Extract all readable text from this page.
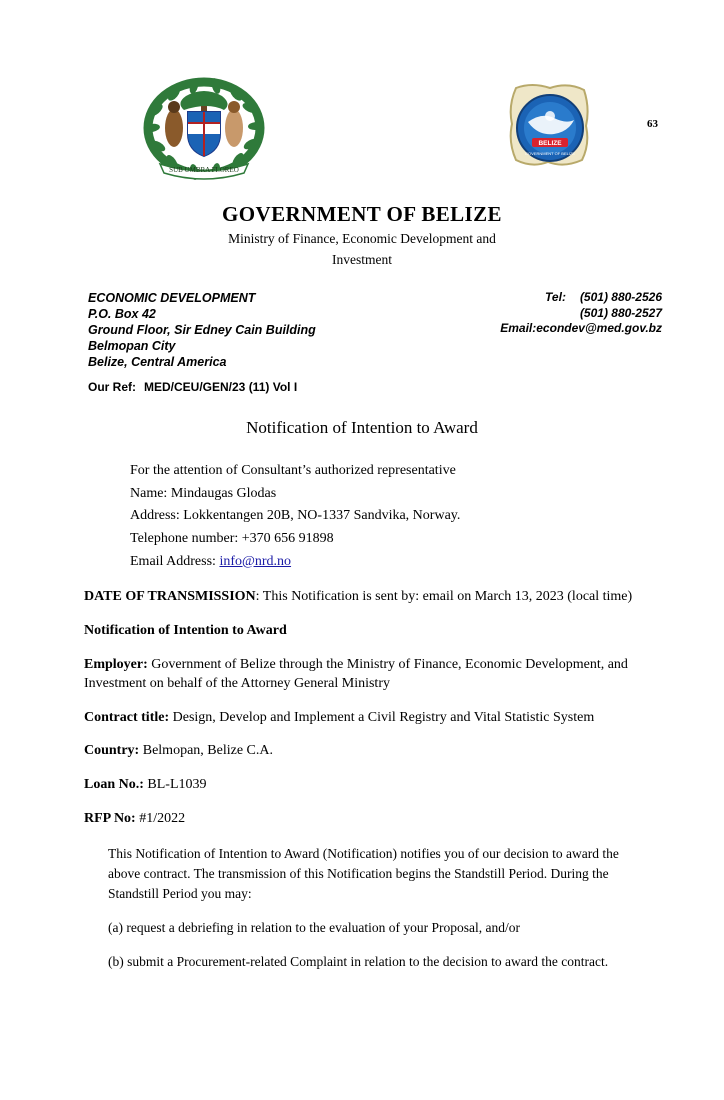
63
SUB UMBRA FLOREO
BELIZE
GOVERNMENT OF BELIZE
GOVERNMENT OF BELIZE
Ministry of Finance, Economic Development and
Investment
ECONOMIC DEVELOPMENT
P.O. Box 42
Ground Floor, Sir Edney Cain Building
Belmopan City
Belize, Central America
Tel: (501) 880-2526
(501) 880-2527
Email:econdev@med.gov.bz
Our Ref: MED/CEU/GEN/23 (11) Vol I
Notification of Intention to Award
For the attention of Consultant’s authorized representative
Name: Mindaugas Glodas
Address: Lokkentangen 20B, NO-1337 Sandvika, Norway.
Telephone number: +370 656 91898
Email Address: info@nrd.no
DATE OF TRANSMISSION: This Notification is sent by: email on March 13, 2023 (local time)
Notification of Intention to Award
Employer: Government of Belize through the Ministry of Finance, Economic Development, and Investment on behalf of the Attorney General Ministry
Contract title: Design, Develop and Implement a Civil Registry and Vital Statistic System
Country: Belmopan, Belize C.A.
Loan No.: BL-L1039
RFP No: #1/2022
This Notification of Intention to Award (Notification) notifies you of our decision to award the above contract. The transmission of this Notification begins the Standstill Period. During the Standstill Period you may:
(a) request a debriefing in relation to the evaluation of your Proposal, and/or
(b) submit a Procurement-related Complaint in relation to the decision to award the contract.
